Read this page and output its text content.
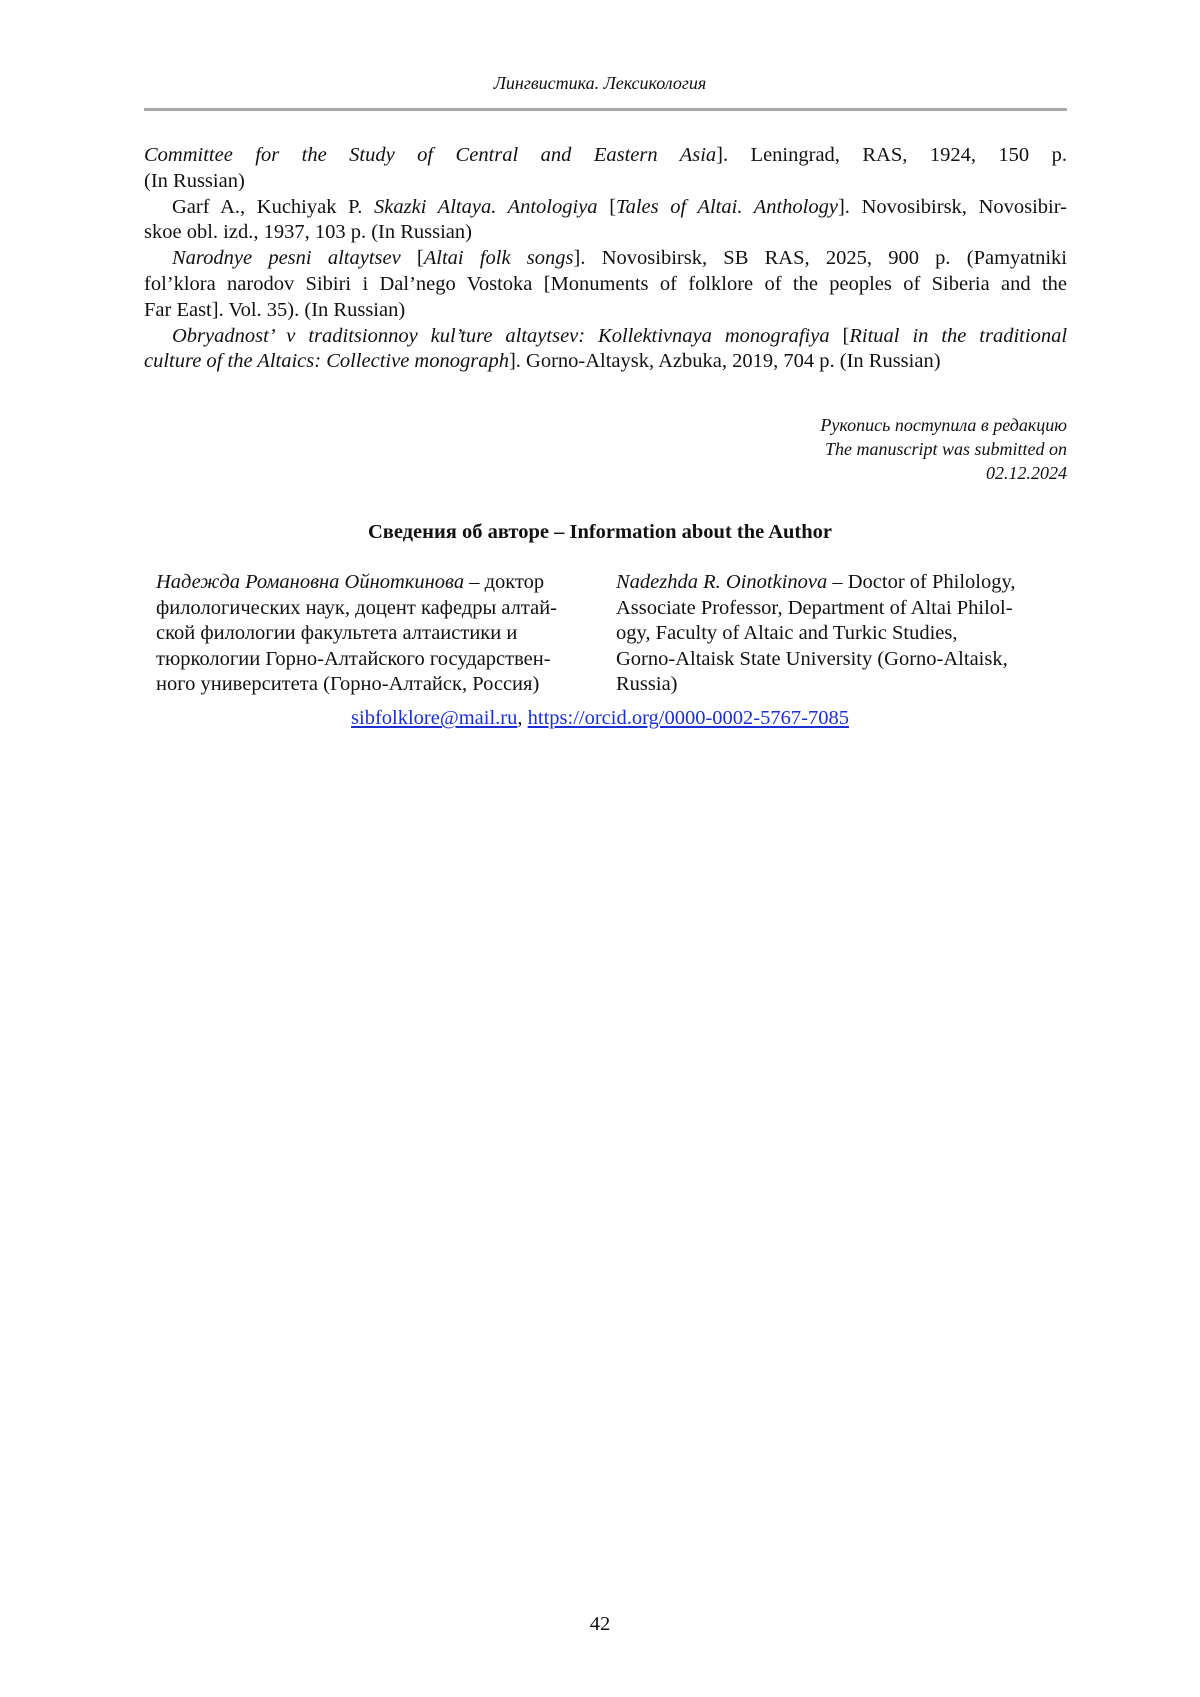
Лингвистика. Лексикология

Committee for the Study of Central and Eastern Asia]. Leningrad, RAS, 1924, 150 p.

(In Russian)

Garf A., Kuchiyak P. Skazki Altaya. Antologiya [Tales of Altai. Anthology]. Novosibirsk, Novosibir-

skoe obl. izd., 1937, 103 p. (In Russian)

Narodnye pesni altaytsev [Altai folk songs]. Novosibirsk, SB RAS, 2025, 900 p. (Pamyatniki

fol’klora narodov Sibiri i Dal’nego Vostoka [Monuments of folklore of the peoples of Siberia and the

Far East]. Vol. 35). (In Russian)

Obryadnost’ v traditsionnoy kul’ture altaytsev: Kollektivnaya monografiya [Ritual in the traditional

culture of the Altaics: Collective monograph]. Gorno-Altaysk, Azbuka, 2019, 704 p. (In Russian)

Рукопись поступила в редакцию
The manuscript was submitted on
02.12.2024
Сведения об авторе – Information about the Author
Надежда Романовна Ойноткинова – доктор
филологических наук, доцент кафедры алтай-
ской филологии факультета алтаистики и
тюркологии Горно-Алтайского государствен-
ного университета (Горно-Алтайск, Россия)
Nadezhda R. Oinotkinova – Doctor of Philology,
Associate Professor, Department of Altai Philol-
ogy, Faculty of Altaic and Turkic Studies,
Gorno-Altaisk State University (Gorno-Altaisk,
Russia)
sibfolklore@mail.ru, https://orcid.org/0000-0002-5767-7085
42
